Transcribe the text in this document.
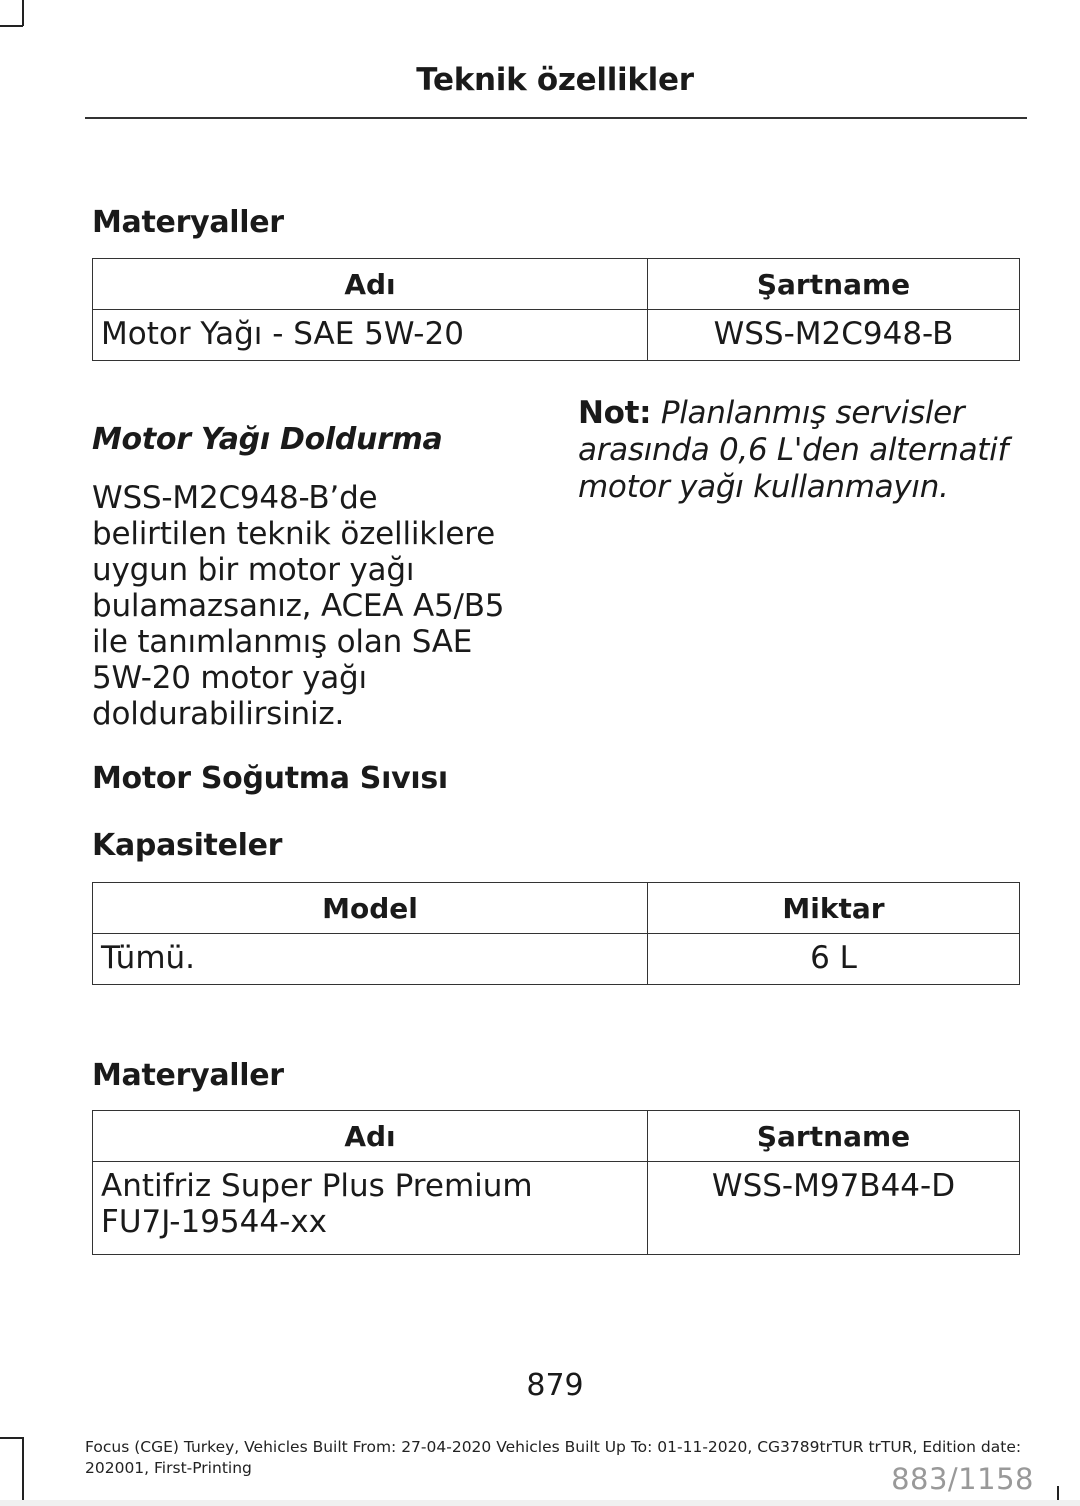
Teknik özellikler
Materyaller
Adı	Şartname
Motor Yağı - SAE 5W-20	WSS-M2C948-B
Motor Yağı Doldurma
WSS-M2C948-B’de
belirtilen teknik özelliklere
uygun bir motor yağı
bulamazsanız, ACEA A5/B5
ile tanımlanmış olan SAE
5W-20 motor yağı
doldurabilirsiniz.
Not: Planlanmış servisler
arasında 0,6 L'den alternatif
motor yağı kullanmayın.
Motor Soğutma Sıvısı
Kapasiteler
Model	Miktar
Tümü.	6 L
Materyaller
Adı	Şartname

Antifriz Super Plus Premium
FU7J-19544-xx	WSS-M97B44-D
879
Focus (CGE) Turkey, Vehicles Built From: 27-04-2020 Vehicles Built Up To: 01-11-2020, CG3789trTUR trTUR, Edition date:
202001, First-Printing	883/1158
